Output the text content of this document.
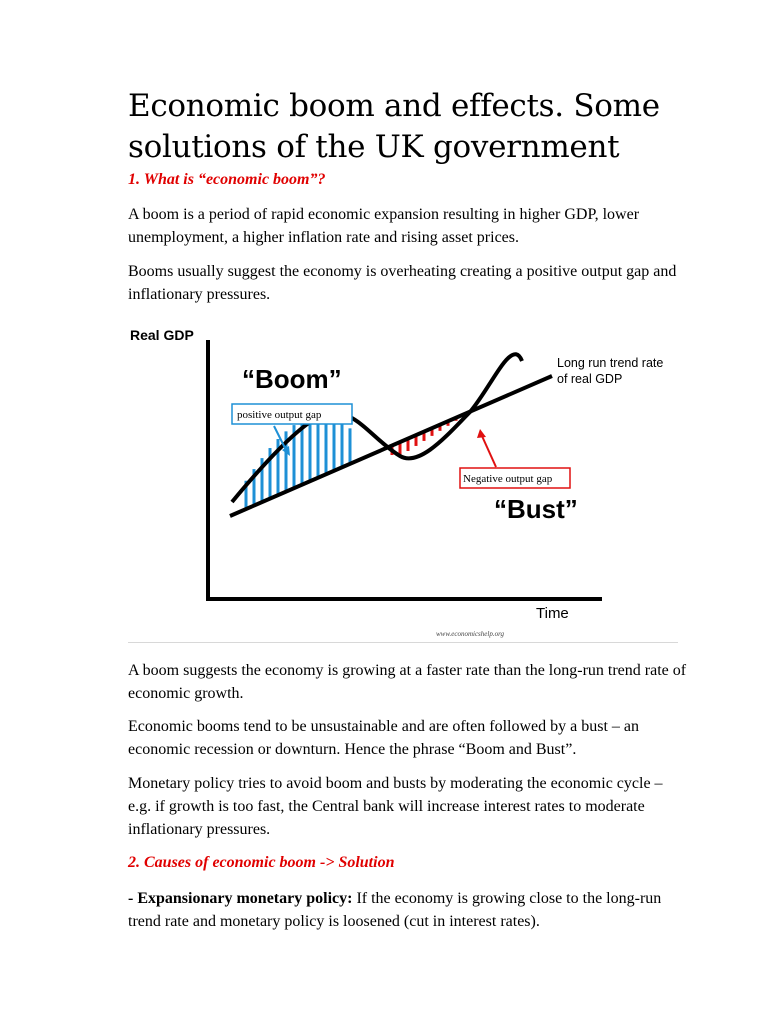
Economic boom and effects. Some solutions of the UK government

1. What is “economic boom”?

A boom is a period of rapid economic expansion resulting in higher GDP, lower unemployment, a higher inflation rate and rising asset prices.

Booms usually suggest the economy is overheating creating a positive output gap and inflationary pressures.

Real GDP
Time
“Boom”
“Bust”
positive output gap
Negative output gap
Long run trend rate
of real GDP
www.economicshelp.org

A boom suggests the economy is growing at a faster rate than the long-run trend rate of economic growth.

Economic booms tend to be unsustainable and are often followed by a bust – an economic recession or downturn. Hence the phrase “Boom and Bust”.

Monetary policy tries to avoid boom and busts by moderating the economic cycle – e.g. if growth is too fast, the Central bank will increase interest rates to moderate inflationary pressures.

2. Causes of economic boom -> Solution

- Expansionary monetary policy: If the economy is growing close to the long-run trend rate and monetary policy is loosened (cut in interest rates).
